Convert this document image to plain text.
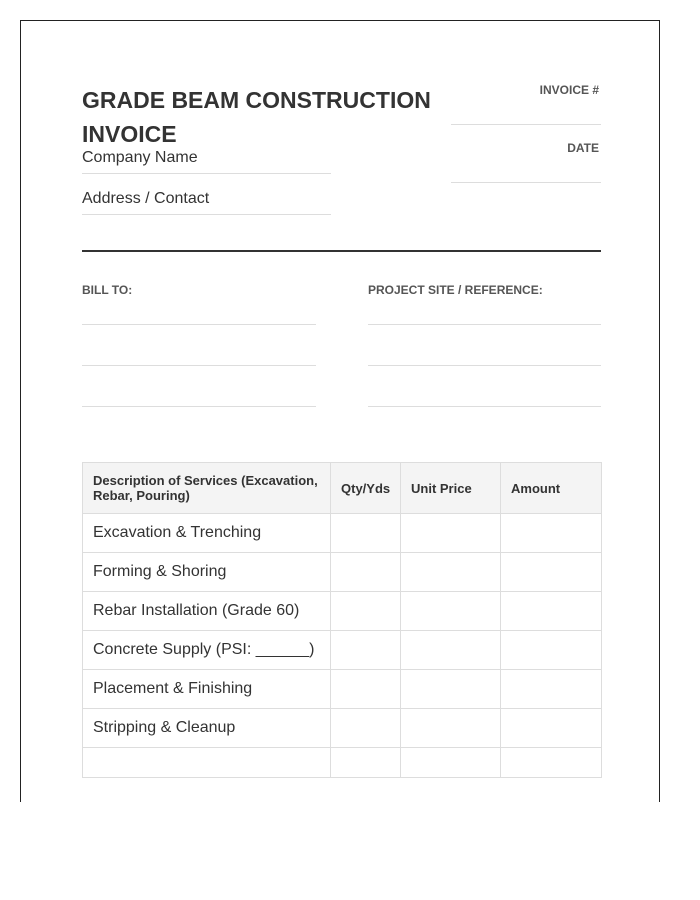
GRADE BEAM CONSTRUCTION INVOICE
Company Name
Address / Contact
INVOICE #
DATE
BILL TO:	PROJECT SITE / REFERENCE:
Description of Services (Excavation, Rebar, Pouring)	Qty/Yds	Unit Price	Amount
Excavation & Trenching			
Forming & Shoring			
Rebar Installation (Grade 60)			
Concrete Supply (PSI: ______)			
Placement & Finishing			
Stripping & Cleanup			
